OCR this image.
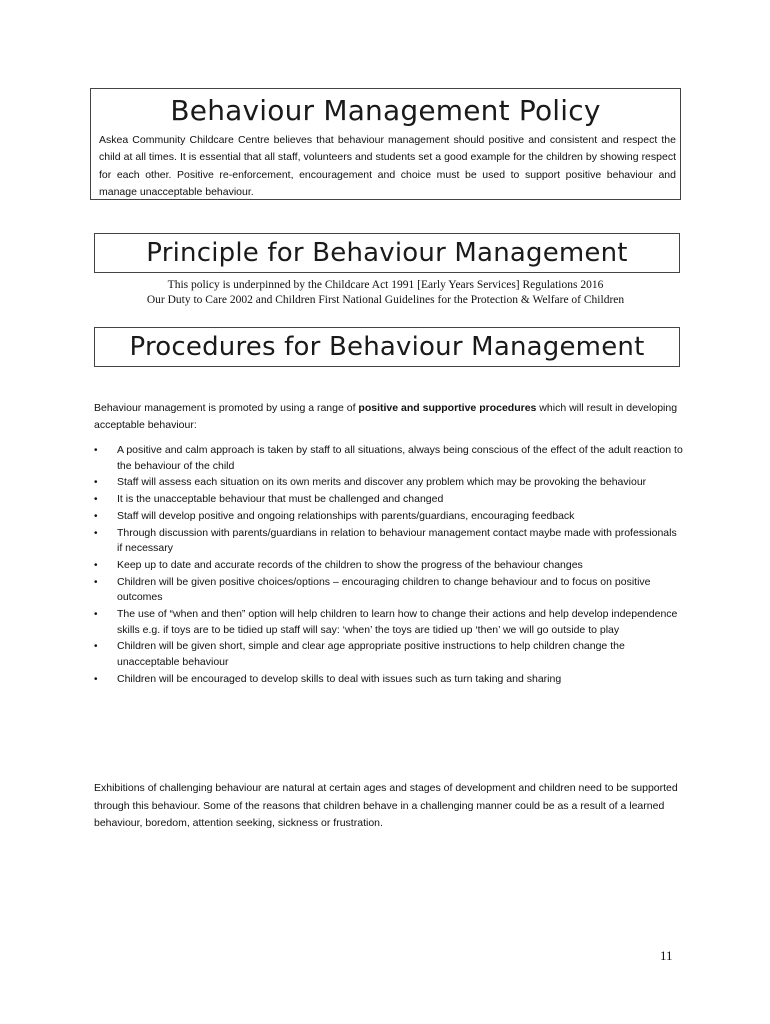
Behaviour Management Policy

Askea Community Childcare Centre believes that behaviour management should positive and consistent and respect the child at all times. It is essential that all staff, volunteers and students set a good example for the children by showing respect for each other. Positive re-enforcement, encouragement and choice must be used to support positive behaviour and manage unacceptable behaviour.

Principle for Behaviour Management
This policy is underpinned by the Childcare Act 1991 [Early Years Services] Regulations 2016
Our Duty to Care 2002 and Children First National Guidelines for the Protection & Welfare of Children
Procedures for Behaviour Management

Behaviour management is promoted by using a range of positive and supportive procedures which will result in developing acceptable behaviour:

• A positive and calm approach is taken by staff to all situations, always being conscious of the effect of the adult reaction to the behaviour of the child
• Staff will assess each situation on its own merits and discover any problem which may be provoking the behaviour
• It is the unacceptable behaviour that must be challenged and changed
• Staff will develop positive and ongoing relationships with parents/guardians, encouraging feedback
• Through discussion with parents/guardians in relation to behaviour management contact maybe made with professionals if necessary
• Keep up to date and accurate records of the children to show the progress of the behaviour changes
• Children will be given positive choices/options – encouraging children to change behaviour and to focus on positive outcomes
• The use of “when and then” option will help children to learn how to change their actions and help develop independence skills e.g. if toys are to be tidied up staff will say: ‘when’ the toys are tidied up ‘then’ we will go outside to play
• Children will be given short, simple and clear age appropriate positive instructions to help children change the unacceptable behaviour
• Children will be encouraged to develop skills to deal with issues such as turn taking and sharing

Exhibitions of challenging behaviour are natural at certain ages and stages of development and children need to be supported through this behaviour. Some of the reasons that children behave in a challenging manner could be as a result of a learned behaviour, boredom, attention seeking, sickness or frustration.

11
